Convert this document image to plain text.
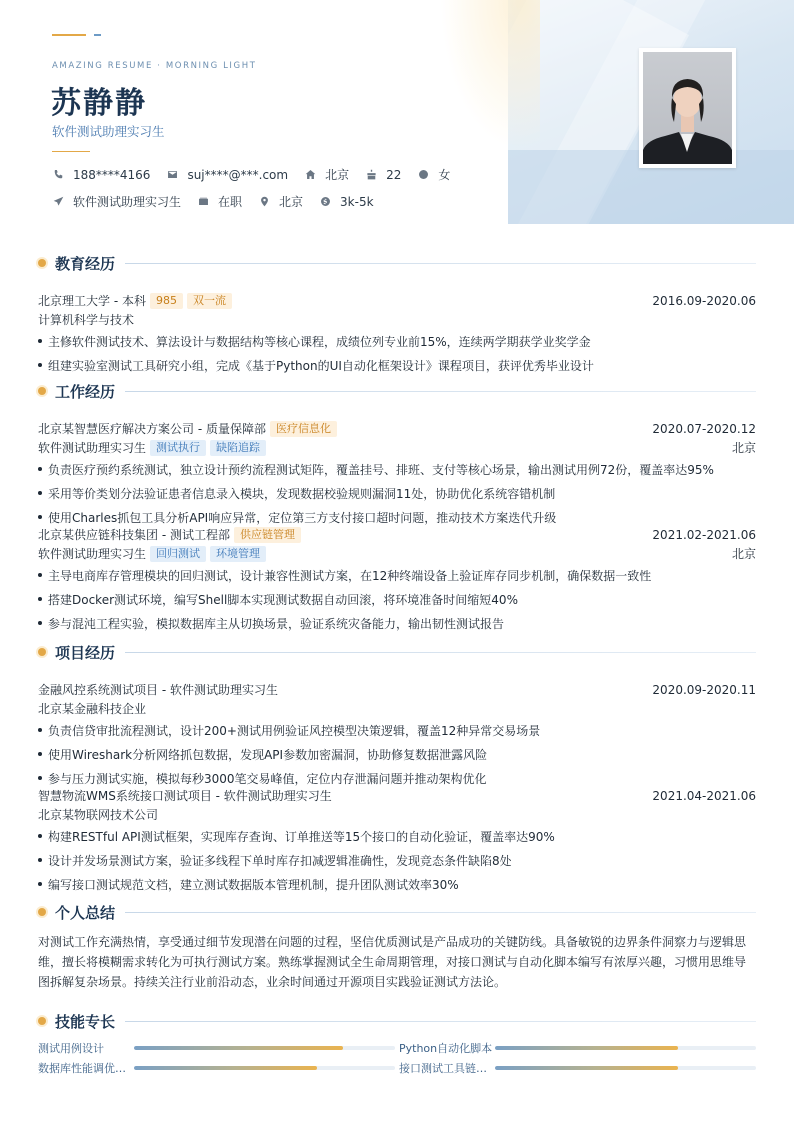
AMAZING RESUME · MORNING LIGHT
苏静静
软件测试助理实习生
188****4166	suj****@***.com	北京	22	女
软件测试助理实习生	在职	北京	3k-5k
教育经历
北京理工大学 - 本科 985	双一流	2016.09-2020.06
计算机科学与技术
主修软件测试技术、算法设计与数据结构等核心课程，成绩位列专业前15%，连续两学期获学业奖学金
组建实验室测试工具研究小组，完成《基于Python的UI自动化框架设计》课程项目，获评优秀毕业设计
工作经历
北京某智慧医疗解决方案公司 - 质量保障部 医疗信息化	2020.07-2020.12
软件测试助理实习生 测试执行	缺陷追踪	北京
负责医疗预约系统测试，独立设计预约流程测试矩阵，覆盖挂号、排班、支付等核心场景，输出测试用例72份，覆盖率达95%
采用等价类划分法验证患者信息录入模块，发现数据校验规则漏洞11处，协助优化系统容错机制
使用Charles抓包工具分析API响应异常，定位第三方支付接口超时问题，推动技术方案迭代升级
北京某供应链科技集团 - 测试工程部 供应链管理	2021.02-2021.06
软件测试助理实习生 回归测试	环境管理	北京
主导电商库存管理模块的回归测试，设计兼容性测试方案，在12种终端设备上验证库存同步机制，确保数据一致性
搭建Docker测试环境，编写Shell脚本实现测试数据自动回滚，将环境准备时间缩短40%
参与混沌工程实验，模拟数据库主从切换场景，验证系统灾备能力，输出韧性测试报告
项目经历
金融风控系统测试项目 - 软件测试助理实习生	2020.09-2020.11
北京某金融科技企业
负责信贷审批流程测试，设计200+测试用例验证风控模型决策逻辑，覆盖12种异常交易场景
使用Wireshark分析网络抓包数据，发现API参数加密漏洞，协助修复数据泄露风险
参与压力测试实施，模拟每秒3000笔交易峰值，定位内存泄漏问题并推动架构优化
智慧物流WMS系统接口测试项目 - 软件测试助理实习生	2021.04-2021.06
北京某物联网技术公司
构建RESTful API测试框架，实现库存查询、订单推送等15个接口的自动化验证，覆盖率达90%
设计并发场景测试方案，验证多线程下单时库存扣减逻辑准确性，发现竞态条件缺陷8处
编写接口测试规范文档，建立测试数据版本管理机制，提升团队测试效率30%
个人总结
对测试工作充满热情，享受通过细节发现潜在问题的过程，坚信优质测试是产品成功的关键防线。具备敏锐的边界条件洞察力与逻辑思维，擅长将模糊需求转化为可执行测试方案。熟练掌握测试全生命周期管理，对接口测试与自动化脚本编写有浓厚兴趣，习惯用思维导图拆解复杂场景。持续关注行业前沿动态，业余时间通过开源项目实践验证测试方法论。
技能专长
测试用例设计	Python自动化脚本
数据库性能调优…	接口测试工具链…
